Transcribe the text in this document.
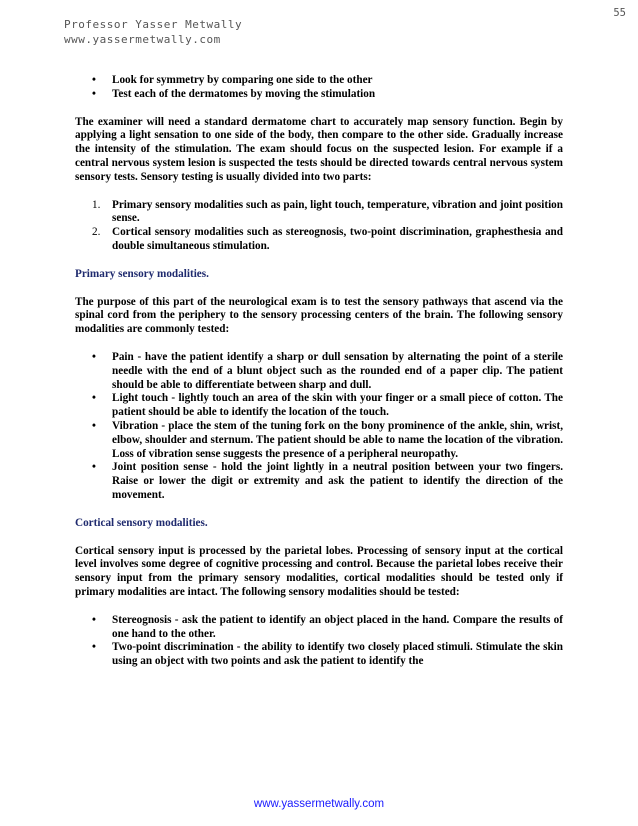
55
Professor Yasser Metwally
www.yassermetwally.com
• Look for symmetry by comparing one side to the other
• Test each of the dermatomes by moving the stimulation

The examiner will need a standard dermatome chart to accurately map sensory function. Begin by applying a light sensation to one side of the body, then compare to the other side. Gradually increase the intensity of the stimulation. The exam should focus on the suspected lesion. For example if a central nervous system lesion is suspected the tests should be directed towards central nervous system sensory tests. Sensory testing is usually divided into two parts:

1. Primary sensory modalities such as pain, light touch, temperature, vibration and joint position sense.
2. Cortical sensory modalities such as stereognosis, two-point discrimination, graphesthesia and double simultaneous stimulation.

Primary sensory modalities.

The purpose of this part of the neurological exam is to test the sensory pathways that ascend via the spinal cord from the periphery to the sensory processing centers of the brain. The following sensory modalities are commonly tested:

• Pain - have the patient identify a sharp or dull sensation by alternating the point of a sterile needle with the end of a blunt object such as the rounded end of a paper clip. The patient should be able to differentiate between sharp and dull.
• Light touch - lightly touch an area of the skin with your finger or a small piece of cotton. The patient should be able to identify the location of the touch.
• Vibration - place the stem of the tuning fork on the bony prominence of the ankle, shin, wrist, elbow, shoulder and sternum. The patient should be able to name the location of the vibration. Loss of vibration sense suggests the presence of a peripheral neuropathy.
• Joint position sense - hold the joint lightly in a neutral position between your two fingers. Raise or lower the digit or extremity and ask the patient to identify the direction of the movement.

Cortical sensory modalities.

Cortical sensory input is processed by the parietal lobes. Processing of sensory input at the cortical level involves some degree of cognitive processing and control. Because the parietal lobes receive their sensory input from the primary sensory modalities, cortical modalities should be tested only if primary modalities are intact. The following sensory modalities should be tested:

• Stereognosis - ask the patient to identify an object placed in the hand. Compare the results of one hand to the other.
• Two-point discrimination - the ability to identify two closely placed stimuli. Stimulate the skin using an object with two points and ask the patient to identify the
www.yassermetwally.com
